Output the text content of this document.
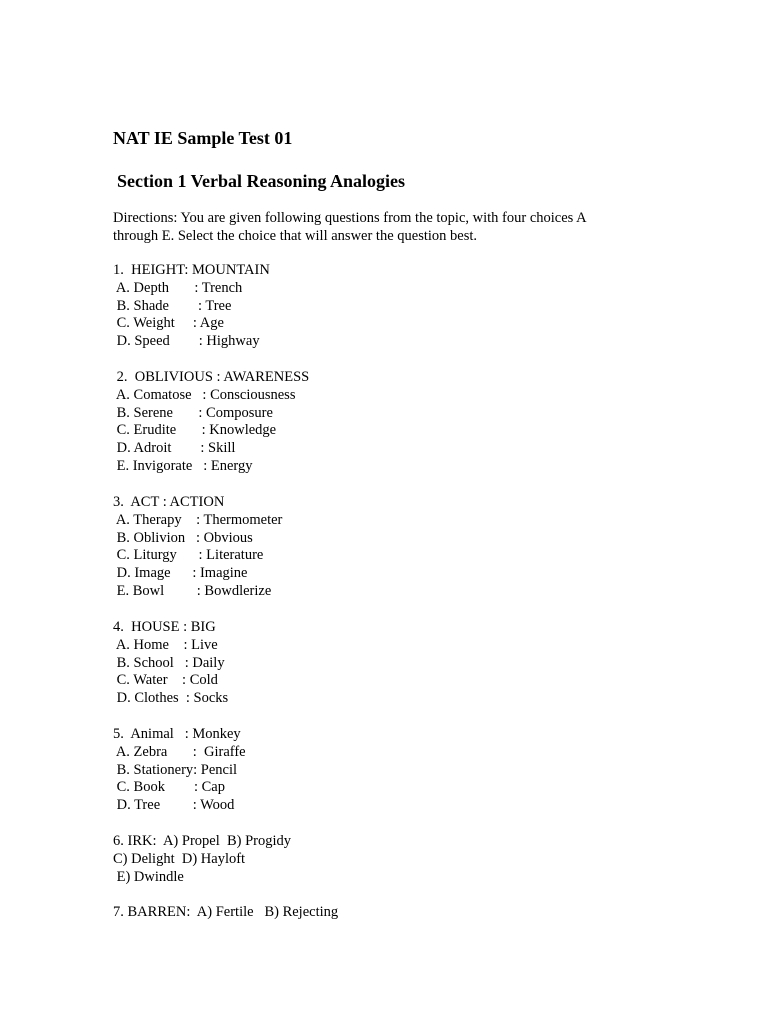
NAT IE Sample Test 01
Section 1 Verbal Reasoning Analogies

Directions: You are given following questions from the topic, with four choices A
through E. Select the choice that will answer the question best.

1.  HEIGHT: MOUNTAIN
A. Depth       : Trench
B. Shade        : Tree
C. Weight     : Age
D. Speed        : Highway
2.  OBLIVIOUS : AWARENESS
A. Comatose   : Consciousness
B. Serene       : Composure
C. Erudite       : Knowledge
D. Adroit        : Skill
E. Invigorate   : Energy
3.  ACT : ACTION
A. Therapy    : Thermometer
B. Oblivion   : Obvious
C. Liturgy      : Literature
D. Image      : Imagine
E. Bowl         : Bowdlerize
4.  HOUSE : BIG
A. Home    : Live
B. School   : Daily
C. Water    : Cold
D. Clothes  : Socks
5.  Animal   : Monkey
A. Zebra       :  Giraffe
B. Stationery: Pencil
C. Book        : Cap
D. Tree         : Wood
6. IRK:  A) Propel  B) Progidy
C) Delight  D) Hayloft
E) Dwindle
7. BARREN:  A) Fertile   B) Rejecting
